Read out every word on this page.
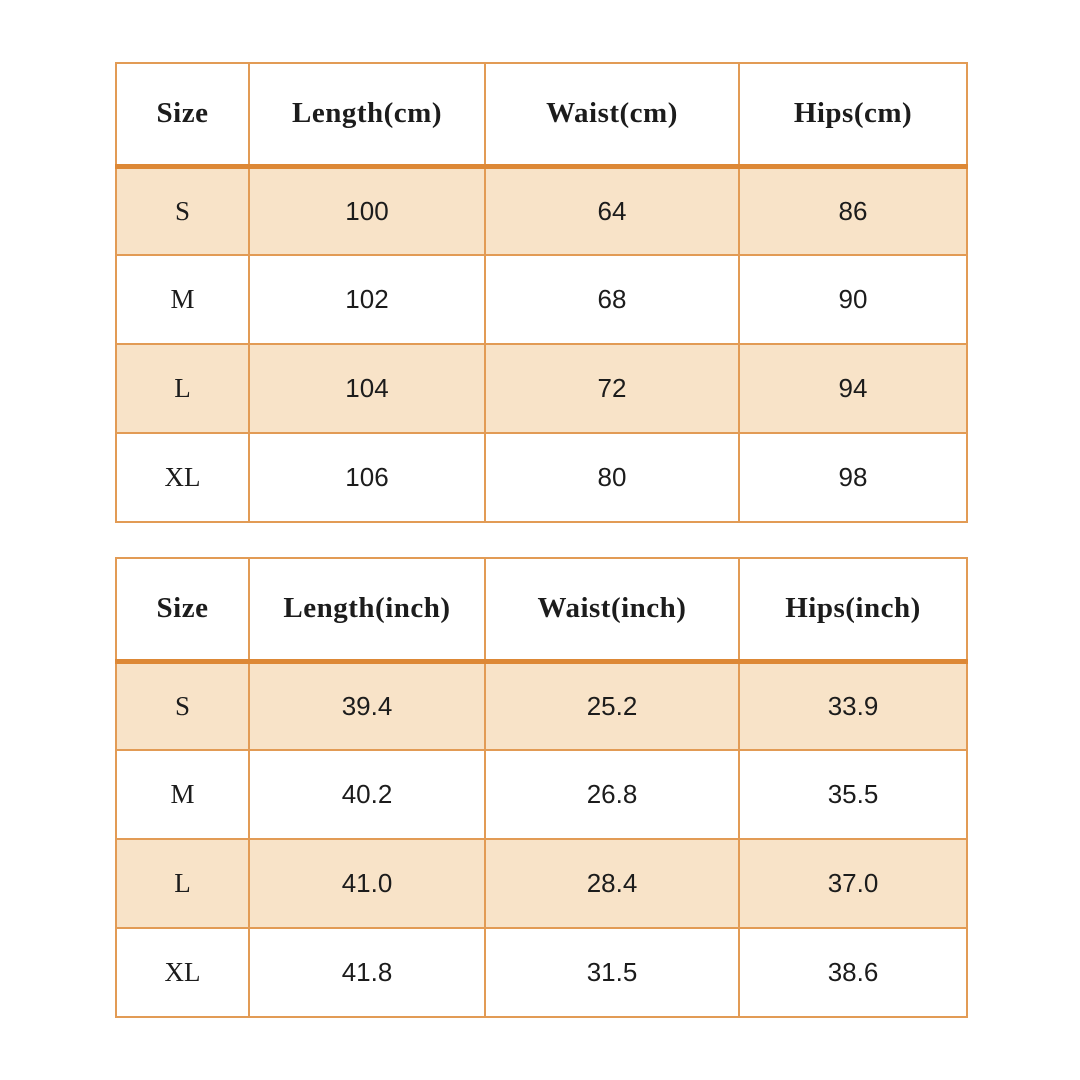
Size	Length(cm)	Waist(cm)	Hips(cm)
S	100	64	86
M	102	68	90
L	104	72	94
XL	106	80	98
Size	Length(inch)	Waist(inch)	Hips(inch)
S	39.4	25.2	33.9
M	40.2	26.8	35.5
L	41.0	28.4	37.0
XL	41.8	31.5	38.6
